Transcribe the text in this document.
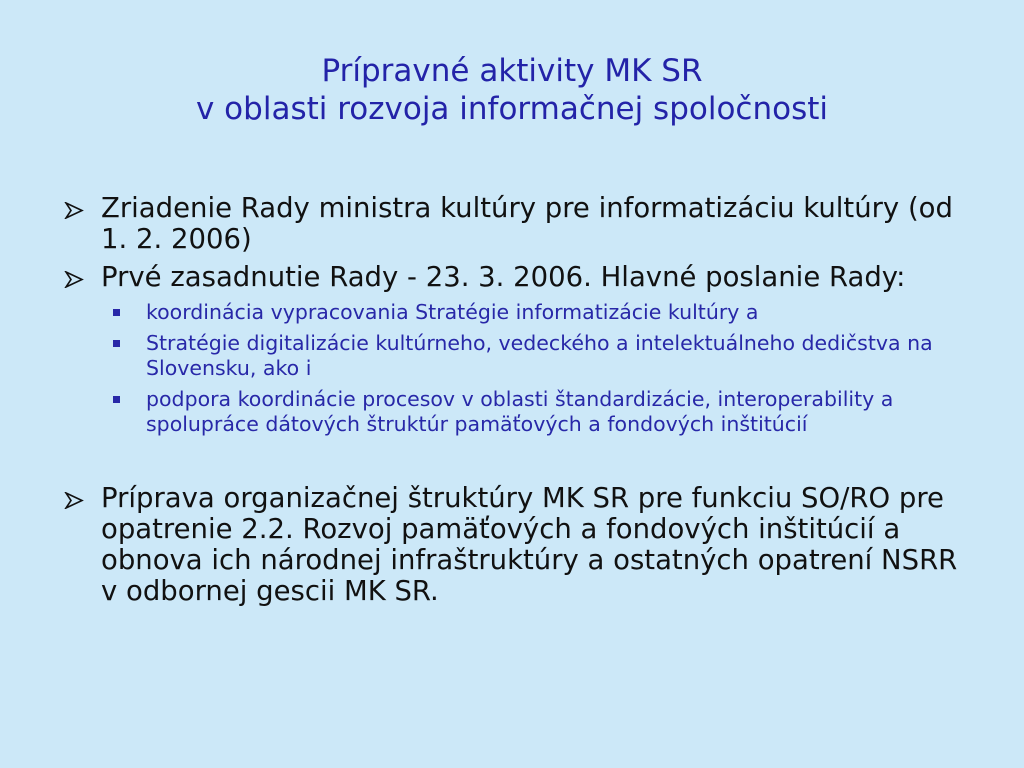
Prípravné aktivity MK SR
v oblasti rozvoja informačnej spoločnosti
Zriadenie Rady ministra kultúry pre informatizáciu kultúry (od 1. 2. 2006)
Prvé zasadnutie Rady - 23. 3. 2006. Hlavné poslanie Rady:
koordinácia vypracovania Stratégie informatizácie kultúry a
Stratégie digitalizácie kultúrneho, vedeckého a intelektuálneho dedičstva na Slovensku, ako i
podpora koordinácie procesov v oblasti štandardizácie, interoperability a spolupráce dátových štruktúr pamäťových a fondových inštitúcií
Príprava organizačnej štruktúry MK SR pre funkciu SO/RO pre opatrenie 2.2. Rozvoj pamäťových a fondových inštitúcií a obnova ich národnej infraštruktúry a ostatných opatrení NSRR v odbornej gescii MK SR.
